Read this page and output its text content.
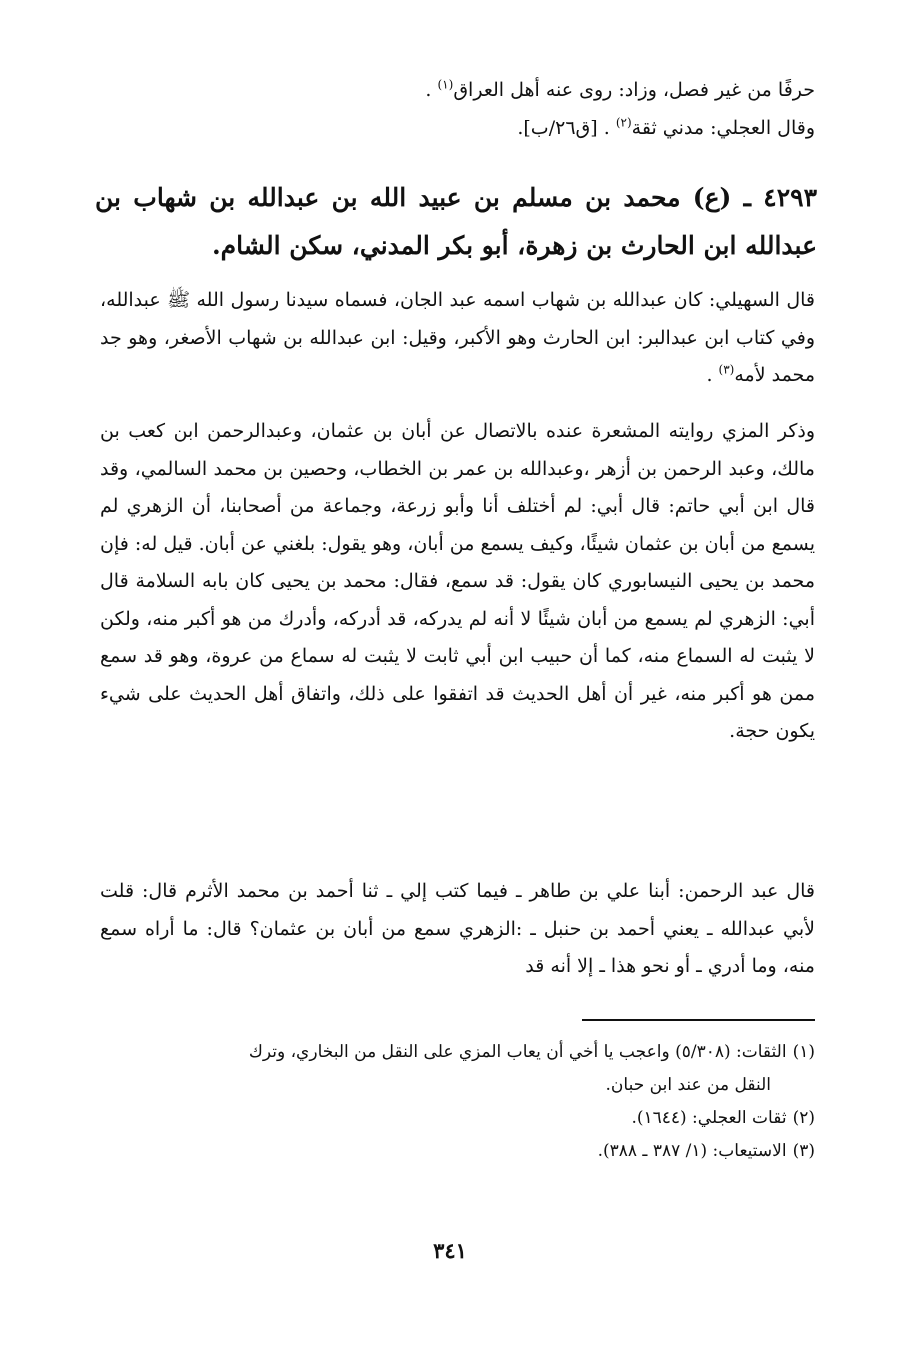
حرفًا من غير فصل، وزاد: روى عنه أهل العراق$^{(١)}$ .

وقال العجلي: مدني ثقة$^{(٢)}$ . [ق٢٦/ب].

٤٢٩٣ ـ (ع) محمد بن مسلم بن عبيد الله بن عبدالله بن شهاب بن عبدالله ابن الحارث بن زهرة، أبو بكر المدني، سكن الشام.

قال السهيلي: كان عبدالله بن شهاب اسمه عبد الجان، فسماه سيدنا رسول الله ﷺ عبدالله، وفي كتاب ابن عبدالبر: ابن الحارث وهو الأكبر، وقيل: ابن عبدالله بن شهاب الأصغر، وهو جد محمد لأمه$^{(٣)}$ .

وذكر المزي روايته المشعرة عنده بالاتصال عن أبان بن عثمان، وعبدالرحمن ابن كعب بن مالك، وعبد الرحمن بن أزهر ،وعبدالله بن عمر بن الخطاب، وحصين بن محمد السالمي، وقد قال ابن أبي حاتم: قال أبي: لم أختلف أنا وأبو زرعة، وجماعة من أصحابنا، أن الزهري لم يسمع من أبان بن عثمان شيئًا، وكيف يسمع من أبان، وهو يقول: بلغني عن أبان. قيل له: فإن محمد بن يحيى النيسابوري كان يقول: قد سمع، فقال: محمد بن يحيى كان بابه السلامة قال أبي: الزهري لم يسمع من أبان شيئًا لا أنه لم يدركه، قد أدركه، وأدرك من هو أكبر منه، ولكن لا يثبت له السماع منه، كما أن حبيب ابن أبي ثابت لا يثبت له سماع من عروة، وهو قد سمع ممن هو أكبر منه، غير أن أهل الحديث قد اتفقوا على ذلك، واتفاق أهل الحديث على شيء يكون حجة.

قال عبد الرحمن: أبنا علي بن طاهر ـ فيما كتب إلي ـ ثنا أحمد بن محمد الأثرم قال: قلت لأبي عبدالله ـ يعني أحمد بن حنبل ـ :الزهري سمع من أبان بن عثمان؟ قال: ما أراه سمع منه، وما أدري ـ أو نحو هذا ـ إلا أنه قد

(١)الثقات: (٥/٣٠٨) واعجب يا أخي أن يعاب المزي على النقل من البخاري، وترك

النقل من عند ابن حبان.

(٢)ثقات العجلي: (١٦٤٤).

(٣)الاستيعاب: (١/ ٣٨٧ ـ ٣٨٨).

٣٤١
